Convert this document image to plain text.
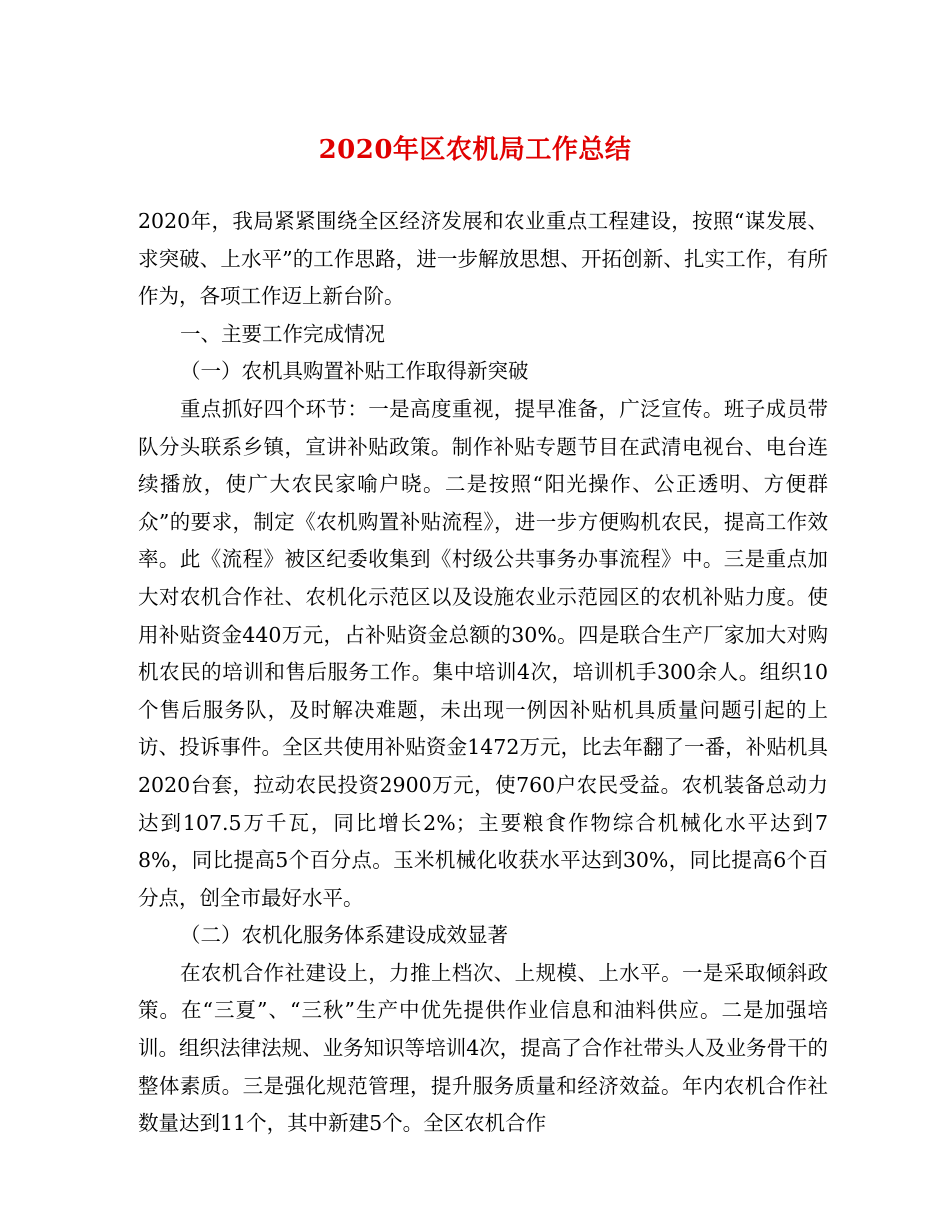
2020年区农机局工作总结

2020年，我局紧紧围绕全区经济发展和农业重点工程建设，按照“谋发展、求突破、上水平”的工作思路，进一步解放思想、开拓创新、扎实工作，有所作为，各项工作迈上新台阶。

一、主要工作完成情况

（一）农机具购置补贴工作取得新突破

重点抓好四个环节：一是高度重视，提早准备，广泛宣传。班子成员带队分头联系乡镇，宣讲补贴政策。制作补贴专题节目在武清电视台、电台连续播放，使广大农民家喻户晓。二是按照“阳光操作、公正透明、方便群众”的要求，制定《农机购置补贴流程》，进一步方便购机农民，提高工作效率。此《流程》被区纪委收集到《村级公共事务办事流程》中。三是重点加大对农机合作社、农机化示范区以及设施农业示范园区的农机补贴力度。使用补贴资金440万元，占补贴资金总额的30%。四是联合生产厂家加大对购机农民的培训和售后服务工作。集中培训4次，培训机手300余人。组织10个售后服务队，及时解决难题，未出现一例因补贴机具质量问题引起的上访、投诉事件。全区共使用补贴资金1472万元，比去年翻了一番，补贴机具2020台套，拉动农民投资2900万元，使760户农民受益。农机装备总动力达到107.5万千瓦，同比增长2%；主要粮食作物综合机械化水平达到78%，同比提高5个百分点。玉米机械化收获水平达到30%，同比提高6个百分点，创全市最好水平。

（二）农机化服务体系建设成效显著

在农机合作社建设上，力推上档次、上规模、上水平。一是采取倾斜政策。在“三夏”、“三秋”生产中优先提供作业信息和油料供应。二是加强培训。组织法律法规、业务知识等培训4次，提高了合作社带头人及业务骨干的整体素质。三是强化规范管理，提升服务质量和经济效益。年内农机合作社数量达到11个，其中新建5个。全区农机合作
